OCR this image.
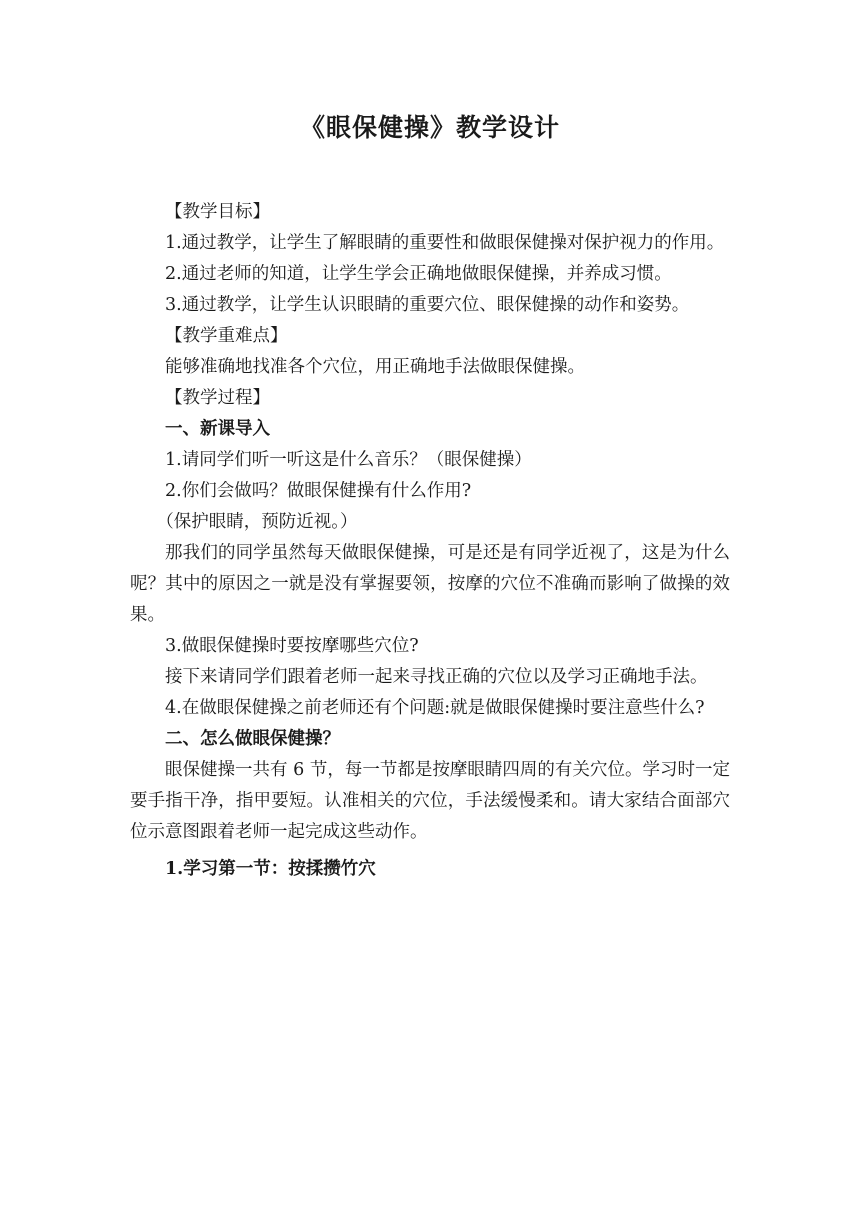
《眼保健操》教学设计

【教学目标】

1.通过教学，让学生了解眼睛的重要性和做眼保健操对保护视力的作用。

2.通过老师的知道，让学生学会正确地做眼保健操，并养成习惯。

3.通过教学，让学生认识眼睛的重要穴位、眼保健操的动作和姿势。

【教学重难点】

能够准确地找准各个穴位，用正确地手法做眼保健操。

【教学过程】

一、新课导入

1.请同学们听一听这是什么音乐？（眼保健操）

2.你们会做吗？做眼保健操有什么作用?

（保护眼睛，预防近视。）

那我们的同学虽然每天做眼保健操，可是还是有同学近视了，这是为什么呢？其中的原因之一就是没有掌握要领，按摩的穴位不准确而影响了做操的效果。

3.做眼保健操时要按摩哪些穴位?

接下来请同学们跟着老师一起来寻找正确的穴位以及学习正确地手法。

4.在做眼保健操之前老师还有个问题:就是做眼保健操时要注意些什么?

二、怎么做眼保健操？

眼保健操一共有 6 节，每一节都是按摩眼睛四周的有关穴位。学习时一定要手指干净，指甲要短。认准相关的穴位，手法缓慢柔和。请大家结合面部穴位示意图跟着老师一起完成这些动作。

1.学习第一节：按揉攒竹穴
